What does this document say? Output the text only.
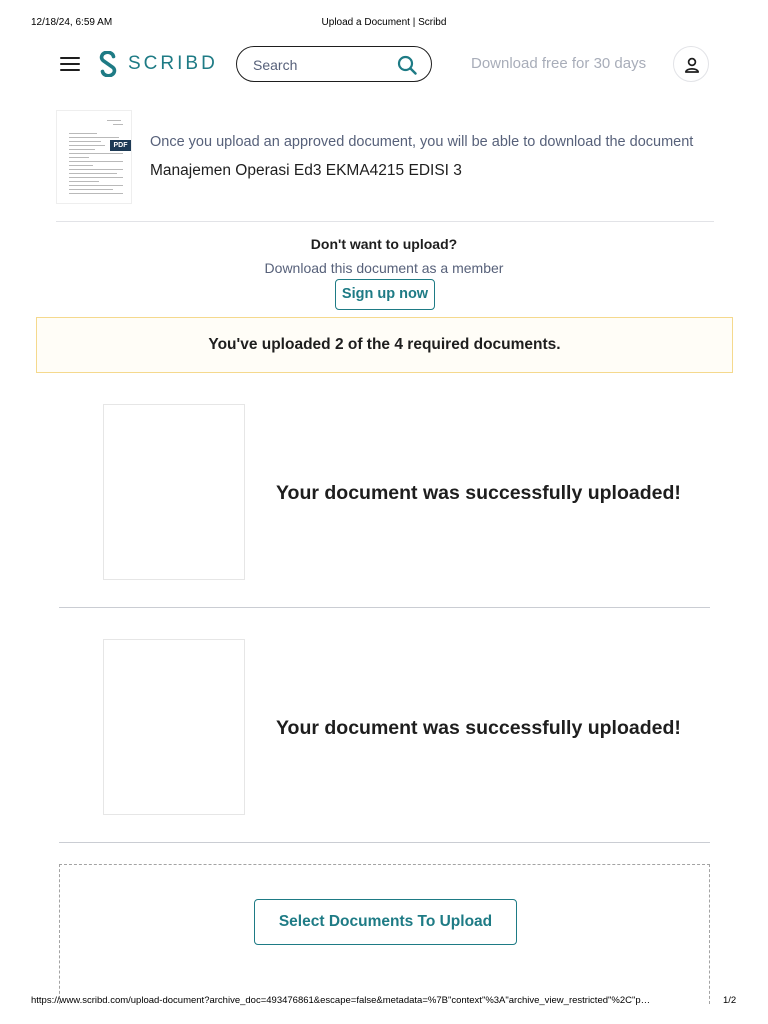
12/18/24, 6:59 AM	Upload a Document | Scribd
SCRIBD	Search	Download free for 30 days
PDF Once you upload an approved document, you will be able to download the document
Manajemen Operasi Ed3 EKMA4215 EDISI 3
Don't want to upload?
Download this document as a member
Sign up now
You've uploaded 2 of the 4 required documents.
Your document was successfully uploaded!
Your document was successfully uploaded!
Select Documents To Upload
https://www.scribd.com/upload-document?archive_doc=493476861&escape=false&metadata=%7B"context"%3A"archive_view_restricted"%2C"p…	1/2
